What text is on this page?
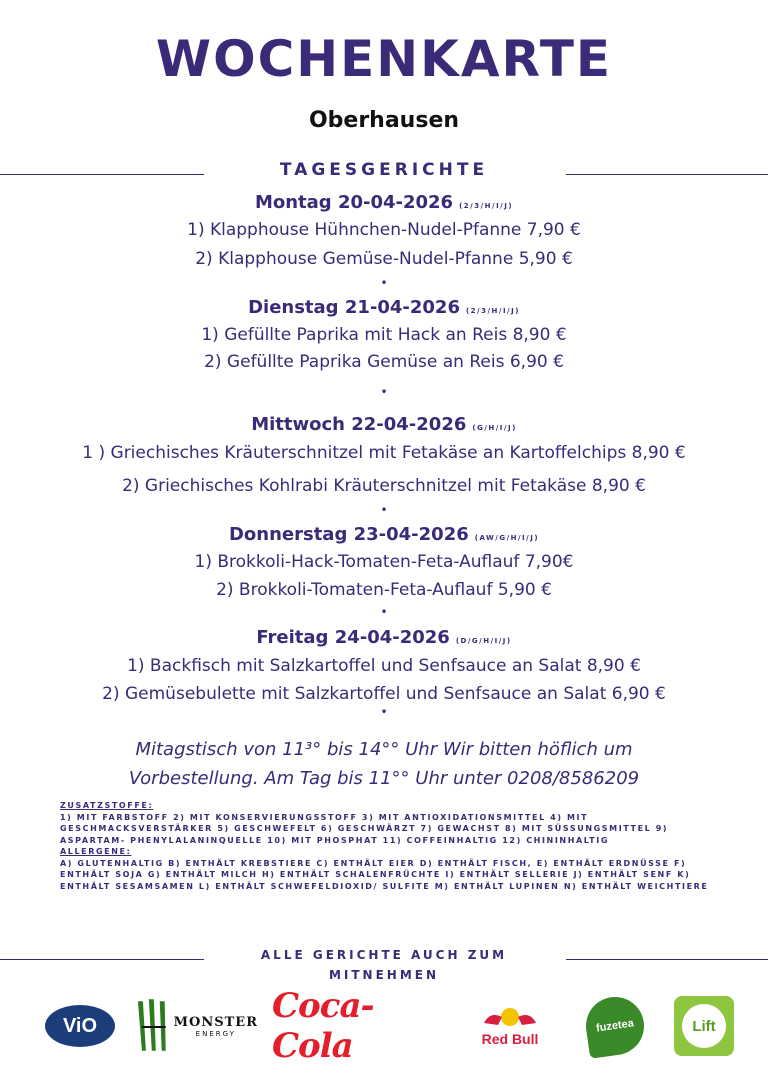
WOCHENKARTE
Oberhausen
TAGESGERICHTE
Montag 20-04-2026 (2/3/H/I/J)
1) Klapphouse Hühnchen-Nudel-Pfanne 7,90 €
2) Klapphouse Gemüse-Nudel-Pfanne 5,90 €
•
Dienstag 21-04-2026 (2/3/H/I/J)
1) Gefüllte Paprika mit Hack an Reis 8,90 €
2) Gefüllte Paprika Gemüse an Reis 6,90 €
•
Mittwoch 22-04-2026 (G/H/I/J)
1 ) Griechisches Kräuterschnitzel mit Fetakäse an Kartoffelchips 8,90 €
2) Griechisches Kohlrabi Kräuterschnitzel mit Fetakäse 8,90 €
•
Donnerstag 23-04-2026 (AW/G/H/I/J)
1) Brokkoli-Hack-Tomaten-Feta-Auflauf 7,90€
2) Brokkoli-Tomaten-Feta-Auflauf 5,90 €
•
Freitag 24-04-2026 (D/G/H/I/J)
1) Backfisch mit Salzkartoffel und Senfsauce an Salat 8,90 €
2) Gemüsebulette mit Salzkartoffel und Senfsauce an Salat 6,90 €
•
Mitagstisch von 11³° bis 14°° Uhr Wir bitten höflich um
Vorbestellung. Am Tag bis 11°° Uhr unter 0208/8586209
ZUSATZSTOFFE:
1) MIT FARBSTOFF 2) MIT KONSERVIERUNGSSTOFF 3) MIT ANTIOXIDATIONSMITTEL 4) MIT GESCHMACKSVERSTÄRKER 5) GESCHWEFELT 6) GESCHWÄRZT 7) GEWACHST 8) MIT SÜSSUNGSMITTEL 9) ASPARTAM- PHENYLALANINQUELLE 10) MIT PHOSPHAT 11) COFFEINHALTIG 12) CHININHALTIG
ALLERGENE:
A) GLUTENHALTIG B) ENTHÄLT KREBSTIERE C) ENTHÄLT EIER D) ENTHÄLT FISCH, E) ENTHÄLT ERDNÜSSE F) ENTHÄLT SOJA G) ENTHÄLT MILCH H) ENTHÄLT SCHALENFRÜCHTE I) ENTHÄLT SELLERIE J) ENTHÄLT SENF K) ENTHÄLT SESAMSAMEN L) ENTHÄLT SCHWEFELDIOXID/ SULFITE M) ENTHÄLT LUPINEN N) ENTHÄLT WEICHTIERE
ALLE GERICHTE AUCH ZUM
MITNEHMEN
ViO	MONSTER
ENERGY
Coca-Cola	Red Bull
fuzetea	Lift
